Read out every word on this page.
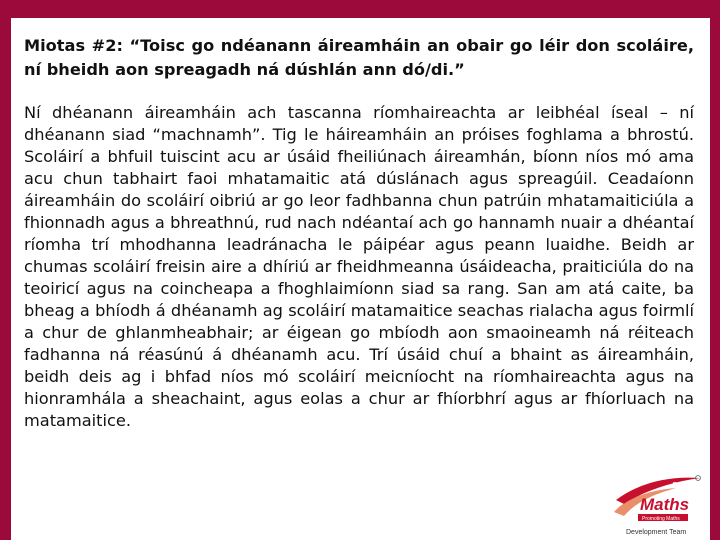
Miotas #2: “Toisc go ndéanann áireamháin an obair go léir don scoláire, ní bheidh aon spreagadh ná dúshlán ann dó/di.”

Ní dhéanann áireamháin ach tascanna ríomhaireachta ar leibhéal íseal – ní dhéanann siad “machnamh”. Tig le háireamháin an próises foghlama a bhrostú. Scoláirí a bhfuil tuiscint acu ar úsáid fheiliúnach áireamhán, bíonn níos mó ama acu chun tabhairt faoi mhatamaitic atá dúslánach agus spreagúil. Ceadaíonn áireamháin do scoláirí oibriú ar go leor fadhbanna chun patrúin mhatamaiticiúla a fhionnadh agus a bhreathnú, rud nach ndéantaí ach go hannamh nuair a dhéantaí ríomha trí mhodhanna leadránacha le páipéar agus peann luaidhe. Beidh ar chumas scoláirí freisin aire a dhíriú ar fheidhmeanna úsáideacha, praiticiúla do na teoiricí agus na coincheapa a fhoghlaimíonn siad sa rang. San am atá caite, ba bheag a bhíodh á dhéanamh ag scoláirí matamaitice seachas rialacha agus foirmlí a chur de ghlanmheabhair; ar éigean go mbíodh aon smaoineamh ná réiteach fadhanna ná réasúnú á dhéanamh acu. Trí úsáid chuí a bhaint as áireamháin, beidh deis ag i bhfad níos mó scoláirí meicníocht na ríomhaireachta agus na hionramhála a sheachaint, agus eolas a chur ar fhíorbhrí agus ar fhíorluach na matamaitice.

Project
Maths
Promoting Maths
Development Team
